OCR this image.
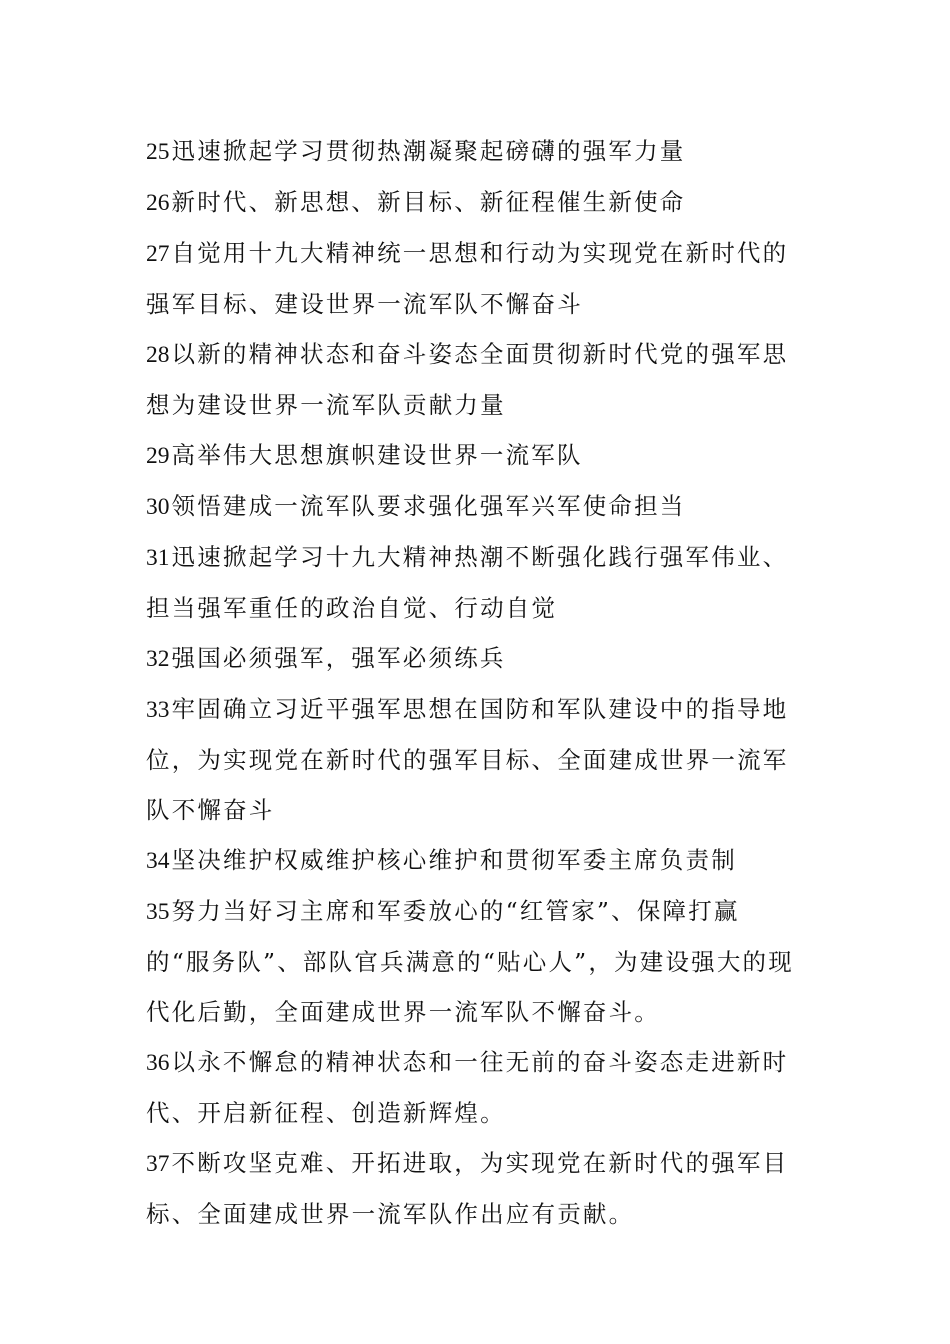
25迅速掀起学习贯彻热潮凝聚起磅礴的强军力量

26新时代、新思想、新目标、新征程催生新使命

27自觉用十九大精神统一思想和行动为实现党在新时代的强军目标、建设世界一流军队不懈奋斗

28以新的精神状态和奋斗姿态全面贯彻新时代党的强军思想为建设世界一流军队贡献力量

29高举伟大思想旗帜建设世界一流军队

30领悟建成一流军队要求强化强军兴军使命担当

31迅速掀起学习十九大精神热潮不断强化践行强军伟业、担当强军重任的政治自觉、行动自觉

32强国必须强军，强军必须练兵

33牢固确立习近平强军思想在国防和军队建设中的指导地位，为实现党在新时代的强军目标、全面建成世界一流军队不懈奋斗

34坚决维护权威维护核心维护和贯彻军委主席负责制

35努力当好习主席和军委放心的“红管家”、保障打赢的“服务队”、部队官兵满意的“贴心人”，为建设强大的现代化后勤，全面建成世界一流军队不懈奋斗。

36以永不懈怠的精神状态和一往无前的奋斗姿态走进新时代、开启新征程、创造新辉煌。

37不断攻坚克难、开拓进取，为实现党在新时代的强军目标、全面建成世界一流军队作出应有贡献。
